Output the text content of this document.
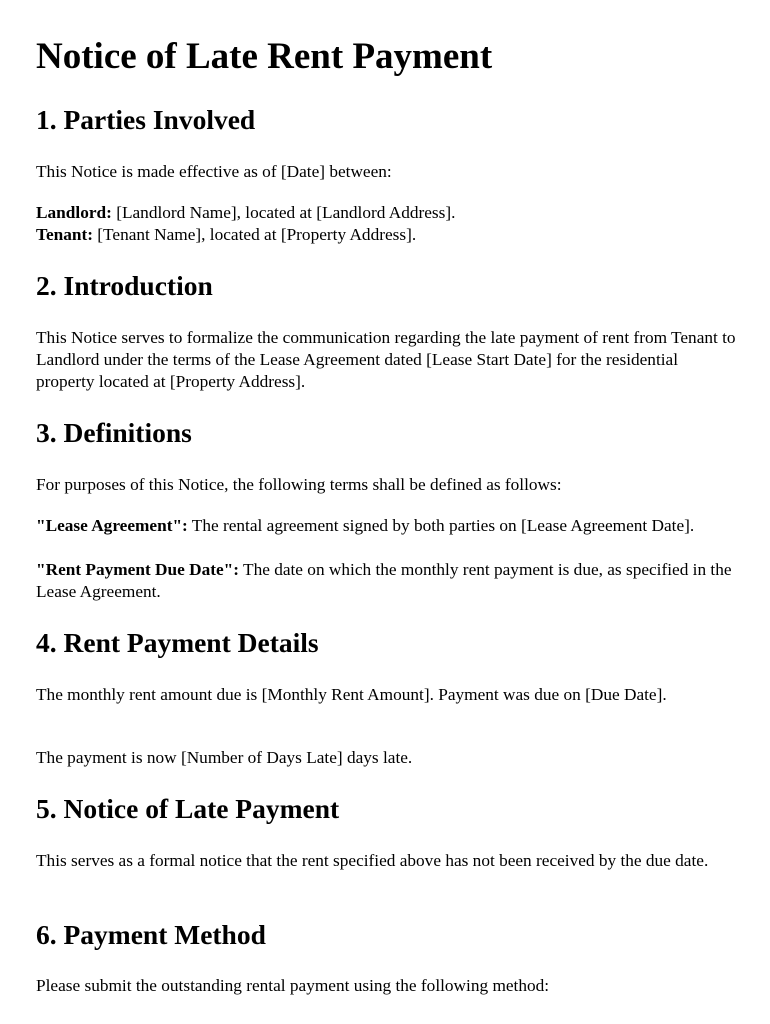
Notice of Late Rent Payment
1. Parties Involved

This Notice is made effective as of [Date] between:

Landlord: [Landlord Name], located at [Landlord Address].

Tenant: [Tenant Name], located at [Property Address].

2. Introduction

This Notice serves to formalize the communication regarding the late payment of rent from Tenant to Landlord under the terms of the Lease Agreement dated [Lease Start Date] for the residential property located at [Property Address].

3. Definitions

For purposes of this Notice, the following terms shall be defined as follows:

"Lease Agreement": The rental agreement signed by both parties on [Lease Agreement Date].

"Rent Payment Due Date": The date on which the monthly rent payment is due, as specified in the Lease Agreement.

4. Rent Payment Details

The monthly rent amount due is [Monthly Rent Amount]. Payment was due on [Due Date].

The payment is now [Number of Days Late] days late.

5. Notice of Late Payment

This serves as a formal notice that the rent specified above has not been received by the due date.

6. Payment Method

Please submit the outstanding rental payment using the following method:
